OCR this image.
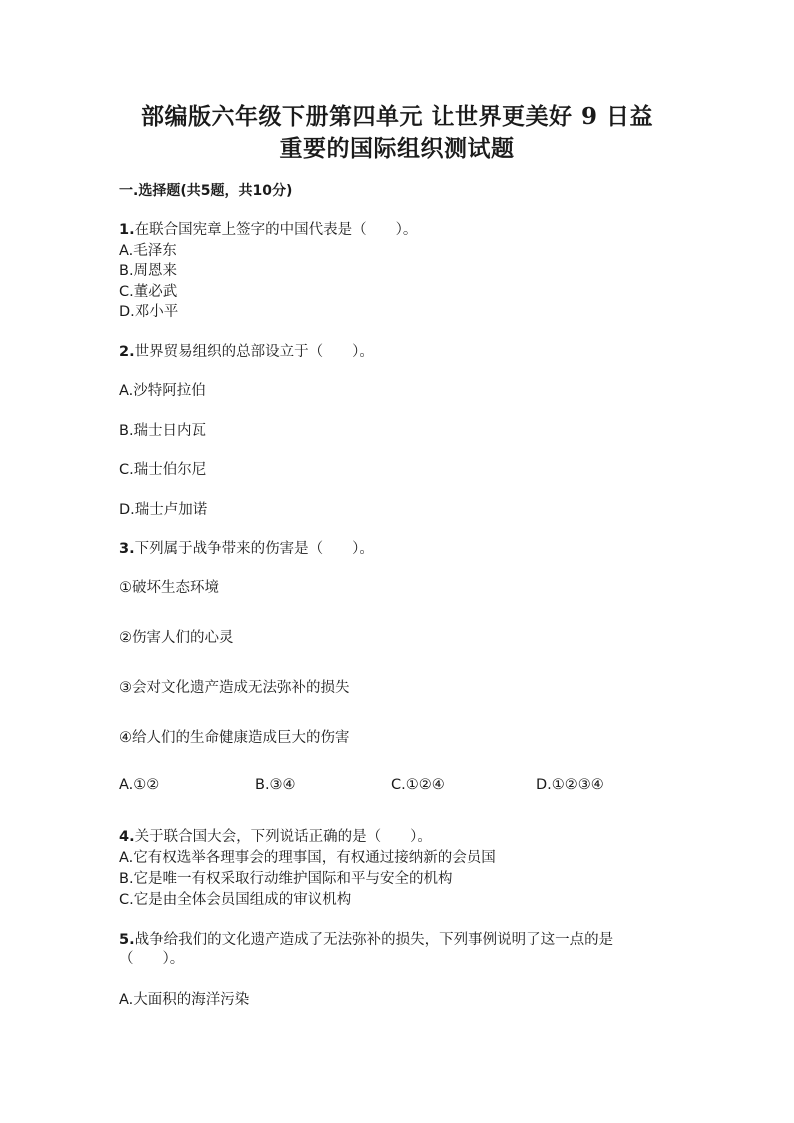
部编版六年级下册第四单元 让世界更美好 9 日益
重要的国际组织测试题
一.选择题(共5题，共10分)
1.在联合国宪章上签字的中国代表是（　　）。
A.毛泽东
B.周恩来
C.董必武
D.邓小平
2.世界贸易组织的总部设立于（　　）。
A.沙特阿拉伯
B.瑞士日内瓦
C.瑞士伯尔尼
D.瑞士卢加诺
3.下列属于战争带来的伤害是（　　）。
①破坏生态环境
②伤害人们的心灵
③会对文化遗产造成无法弥补的损失
④给人们的生命健康造成巨大的伤害
A.①②	B.③④	C.①②④	D.①②③④
4.关于联合国大会，下列说话正确的是（　　）。
A.它有权选举各理事会的理事国，有权通过接纳新的会员国
B.它是唯一有权采取行动维护国际和平与安全的机构
C.它是由全体会员国组成的审议机构
5.战争给我们的文化遗产造成了无法弥补的损失，下列事例说明了这一点的是
（　　）。
A.大面积的海洋污染
